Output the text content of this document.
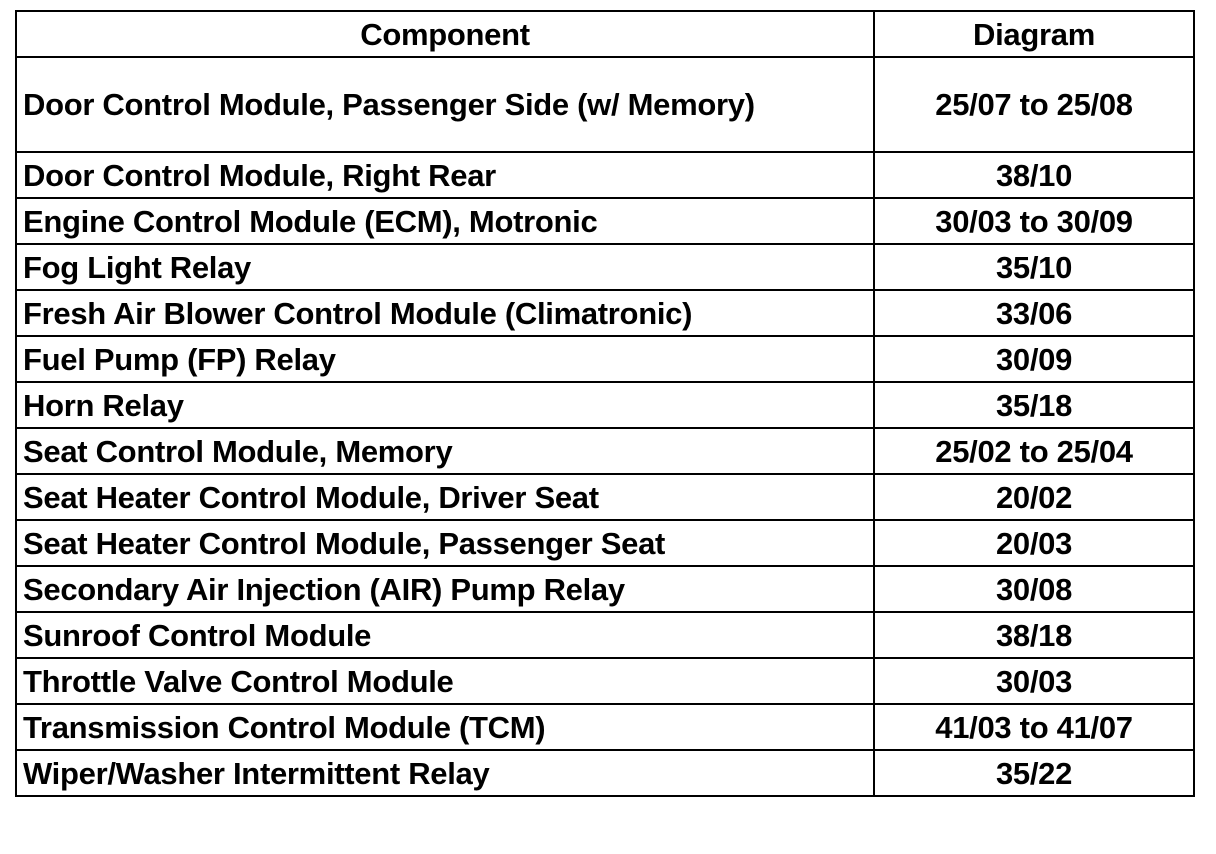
Component	Diagram
Door Control Module, Passenger Side (w/ Memory)	25/07 to 25/08
Door Control Module, Right Rear	38/10
Engine Control Module (ECM), Motronic	30/03 to 30/09
Fog Light Relay	35/10
Fresh Air Blower Control Module (Climatronic)	33/06
Fuel Pump (FP) Relay	30/09
Horn Relay	35/18
Seat Control Module, Memory	25/02 to 25/04
Seat Heater Control Module, Driver Seat	20/02
Seat Heater Control Module, Passenger Seat	20/03
Secondary Air Injection (AIR) Pump Relay	30/08
Sunroof Control Module	38/18
Throttle Valve Control Module	30/03
Transmission Control Module (TCM)	41/03 to 41/07
Wiper/Washer Intermittent Relay	35/22
